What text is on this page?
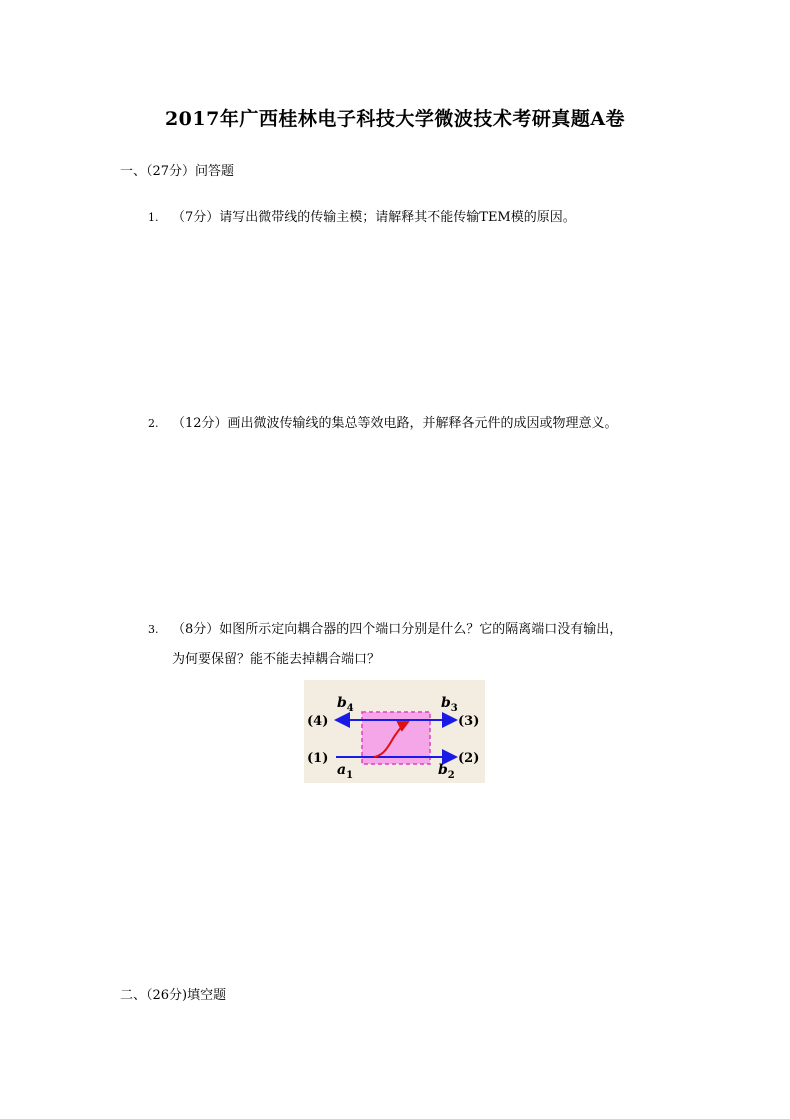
2017年广西桂林电子科技大学微波技术考研真题A卷
一、（27分）问答题
1. （7分）请写出微带线的传输主模；请解释其不能传输TEM模的原因。
2. （12分）画出微波传输线的集总等效电路，并解释各元件的成因或物理意义。
3. （8分）如图所示定向耦合器的四个端口分别是什么？它的隔离端口没有输出，
为何要保留？能不能去掉耦合端口？
(4)	(3)
(1)	(2)
$b_4$	$b_3$
$a_1$	$b_2$
二、（26分)填空题
